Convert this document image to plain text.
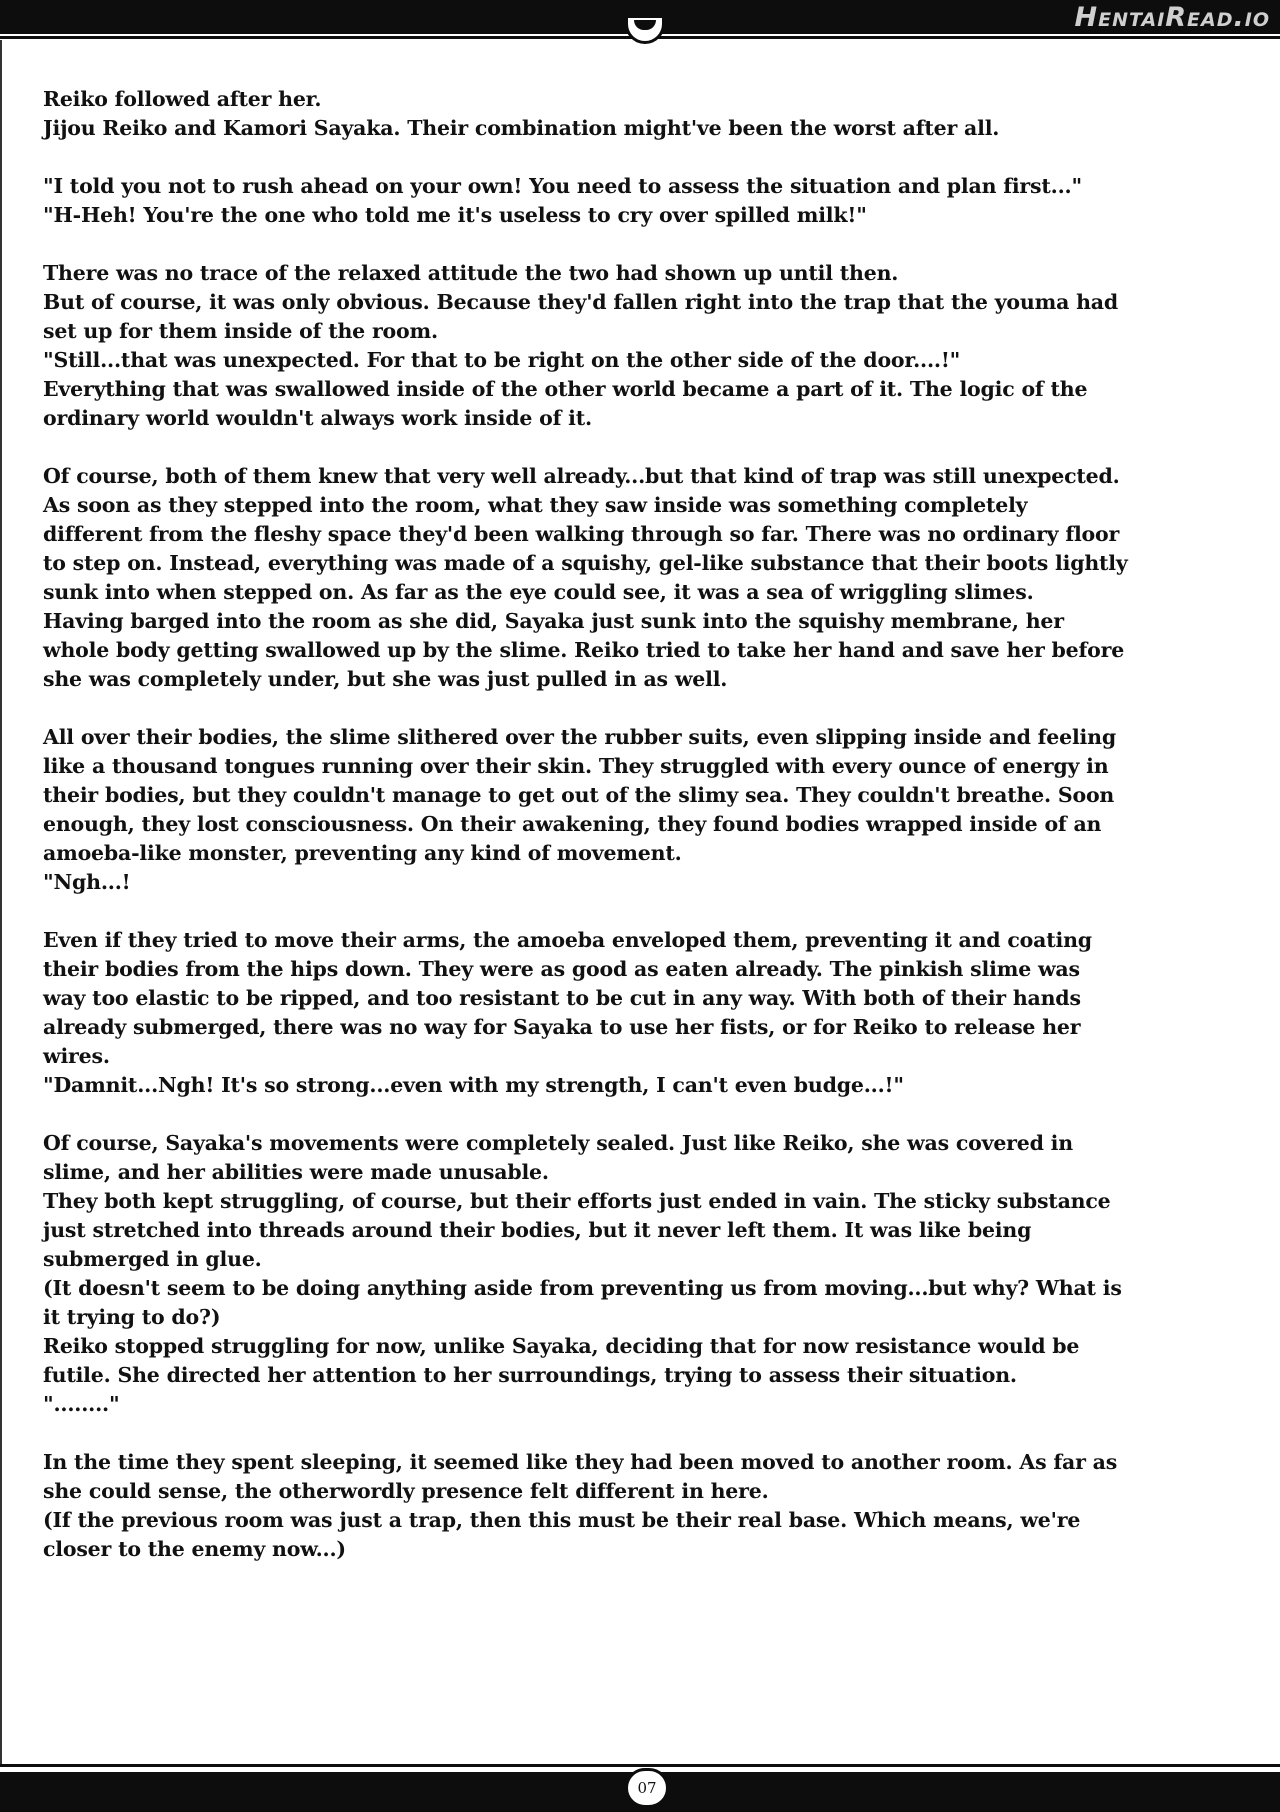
HentaiRead.io
Reiko followed after her.
Jijou Reiko and Kamori Sayaka. Their combination might've been the worst after all.
"I told you not to rush ahead on your own! You need to assess the situation and plan first..."
"H-Heh! You're the one who told me it's useless to cry over spilled milk!"
There was no trace of the relaxed attitude the two had shown up until then.
But of course, it was only obvious. Because they'd fallen right into the trap that the youma had
set up for them inside of the room.
"Still...that was unexpected. For that to be right on the other side of the door....!"
Everything that was swallowed inside of the other world became a part of it. The logic of the
ordinary world wouldn't always work inside of it.
Of course, both of them knew that very well already...but that kind of trap was still unexpected.
As soon as they stepped into the room, what they saw inside was something completely
different from the fleshy space they'd been walking through so far. There was no ordinary floor
to step on. Instead, everything was made of a squishy, gel-like substance that their boots lightly
sunk into when stepped on. As far as the eye could see, it was a sea of wriggling slimes.
Having barged into the room as she did, Sayaka just sunk into the squishy membrane, her
whole body getting swallowed up by the slime. Reiko tried to take her hand and save her before
she was completely under, but she was just pulled in as well.
All over their bodies, the slime slithered over the rubber suits, even slipping inside and feeling
like a thousand tongues running over their skin. They struggled with every ounce of energy in
their bodies, but they couldn't manage to get out of the slimy sea. They couldn't breathe. Soon
enough, they lost consciousness. On their awakening, they found bodies wrapped inside of an
amoeba-like monster, preventing any kind of movement.
"Ngh...!
Even if they tried to move their arms, the amoeba enveloped them, preventing it and coating
their bodies from the hips down. They were as good as eaten already. The pinkish slime was
way too elastic to be ripped, and too resistant to be cut in any way. With both of their hands
already submerged, there was no way for Sayaka to use her fists, or for Reiko to release her
wires.
"Damnit...Ngh! It's so strong...even with my strength, I can't even budge...!"
Of course, Sayaka's movements were completely sealed. Just like Reiko, she was covered in
slime, and her abilities were made unusable.
They both kept struggling, of course, but their efforts just ended in vain. The sticky substance
just stretched into threads around their bodies, but it never left them. It was like being
submerged in glue.
(It doesn't seem to be doing anything aside from preventing us from moving...but why? What is
it trying to do?)
Reiko stopped struggling for now, unlike Sayaka, deciding that for now resistance would be
futile. She directed her attention to her surroundings, trying to assess their situation.
"........"
In the time they spent sleeping, it seemed like they had been moved to another room. As far as
she could sense, the otherwordly presence felt different in here.
(If the previous room was just a trap, then this must be their real base. Which means, we're
closer to the enemy now...)
07
